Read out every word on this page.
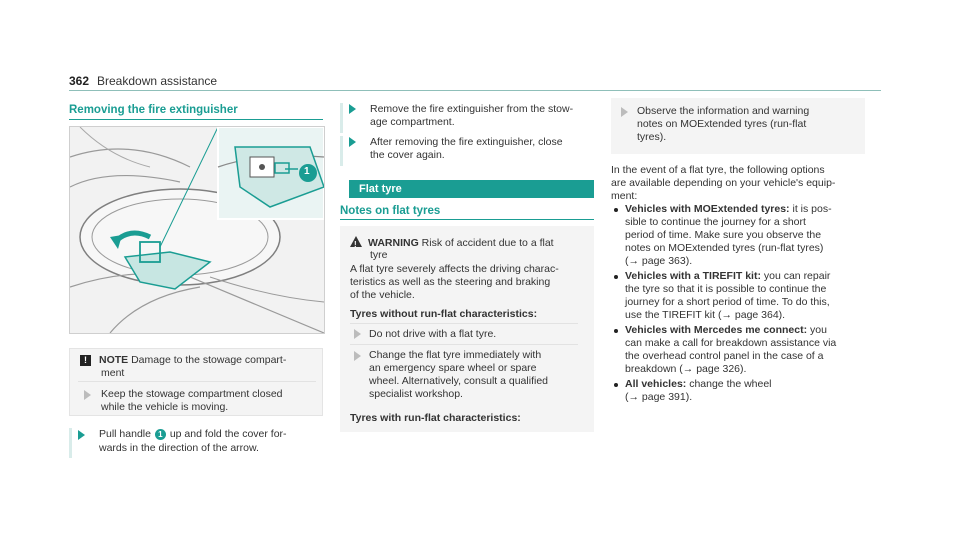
362 Breakdown assistance
Removing the fire extinguisher
1
! NOTE Damage to the stowage compart-
ment
Keep the stowage compartment closed
while the vehicle is moving.
Pull handle 1 up and fold the cover for-
wards in the direction of the arrow.
Remove the fire extinguisher from the stow-
age compartment.
After removing the fire extinguisher, close
the cover again.
Flat tyre
Notes on flat tyres
!WARNING Risk of accident due to a flat
tyre
A flat tyre severely affects the driving charac-
teristics as well as the steering and braking
of the vehicle.
Tyres without run-flat characteristics:
Do not drive with a flat tyre.
Change the flat tyre immediately with
an emergency spare wheel or spare
wheel. Alternatively, consult a qualified
specialist workshop.
Tyres with run-flat characteristics:
Observe the information and warning
notes on MOExtended tyres (run-flat
tyres).
In the event of a flat tyre, the following options
are available depending on your vehicle's equip-
ment:
Vehicles with MOExtended tyres: it is pos-
sible to continue the journey for a short
period of time. Make sure you observe the
notes on MOExtended tyres (run-flat tyres)
(→ page 363).
Vehicles with a TIREFIT kit: you can repair
the tyre so that it is possible to continue the
journey for a short period of time. To do this,
use the TIREFIT kit (→ page 364).
Vehicles with Mercedes me connect: you
can make a call for breakdown assistance via
the overhead control panel in the case of a
breakdown (→ page 326).
All vehicles: change the wheel
(→ page 391).
